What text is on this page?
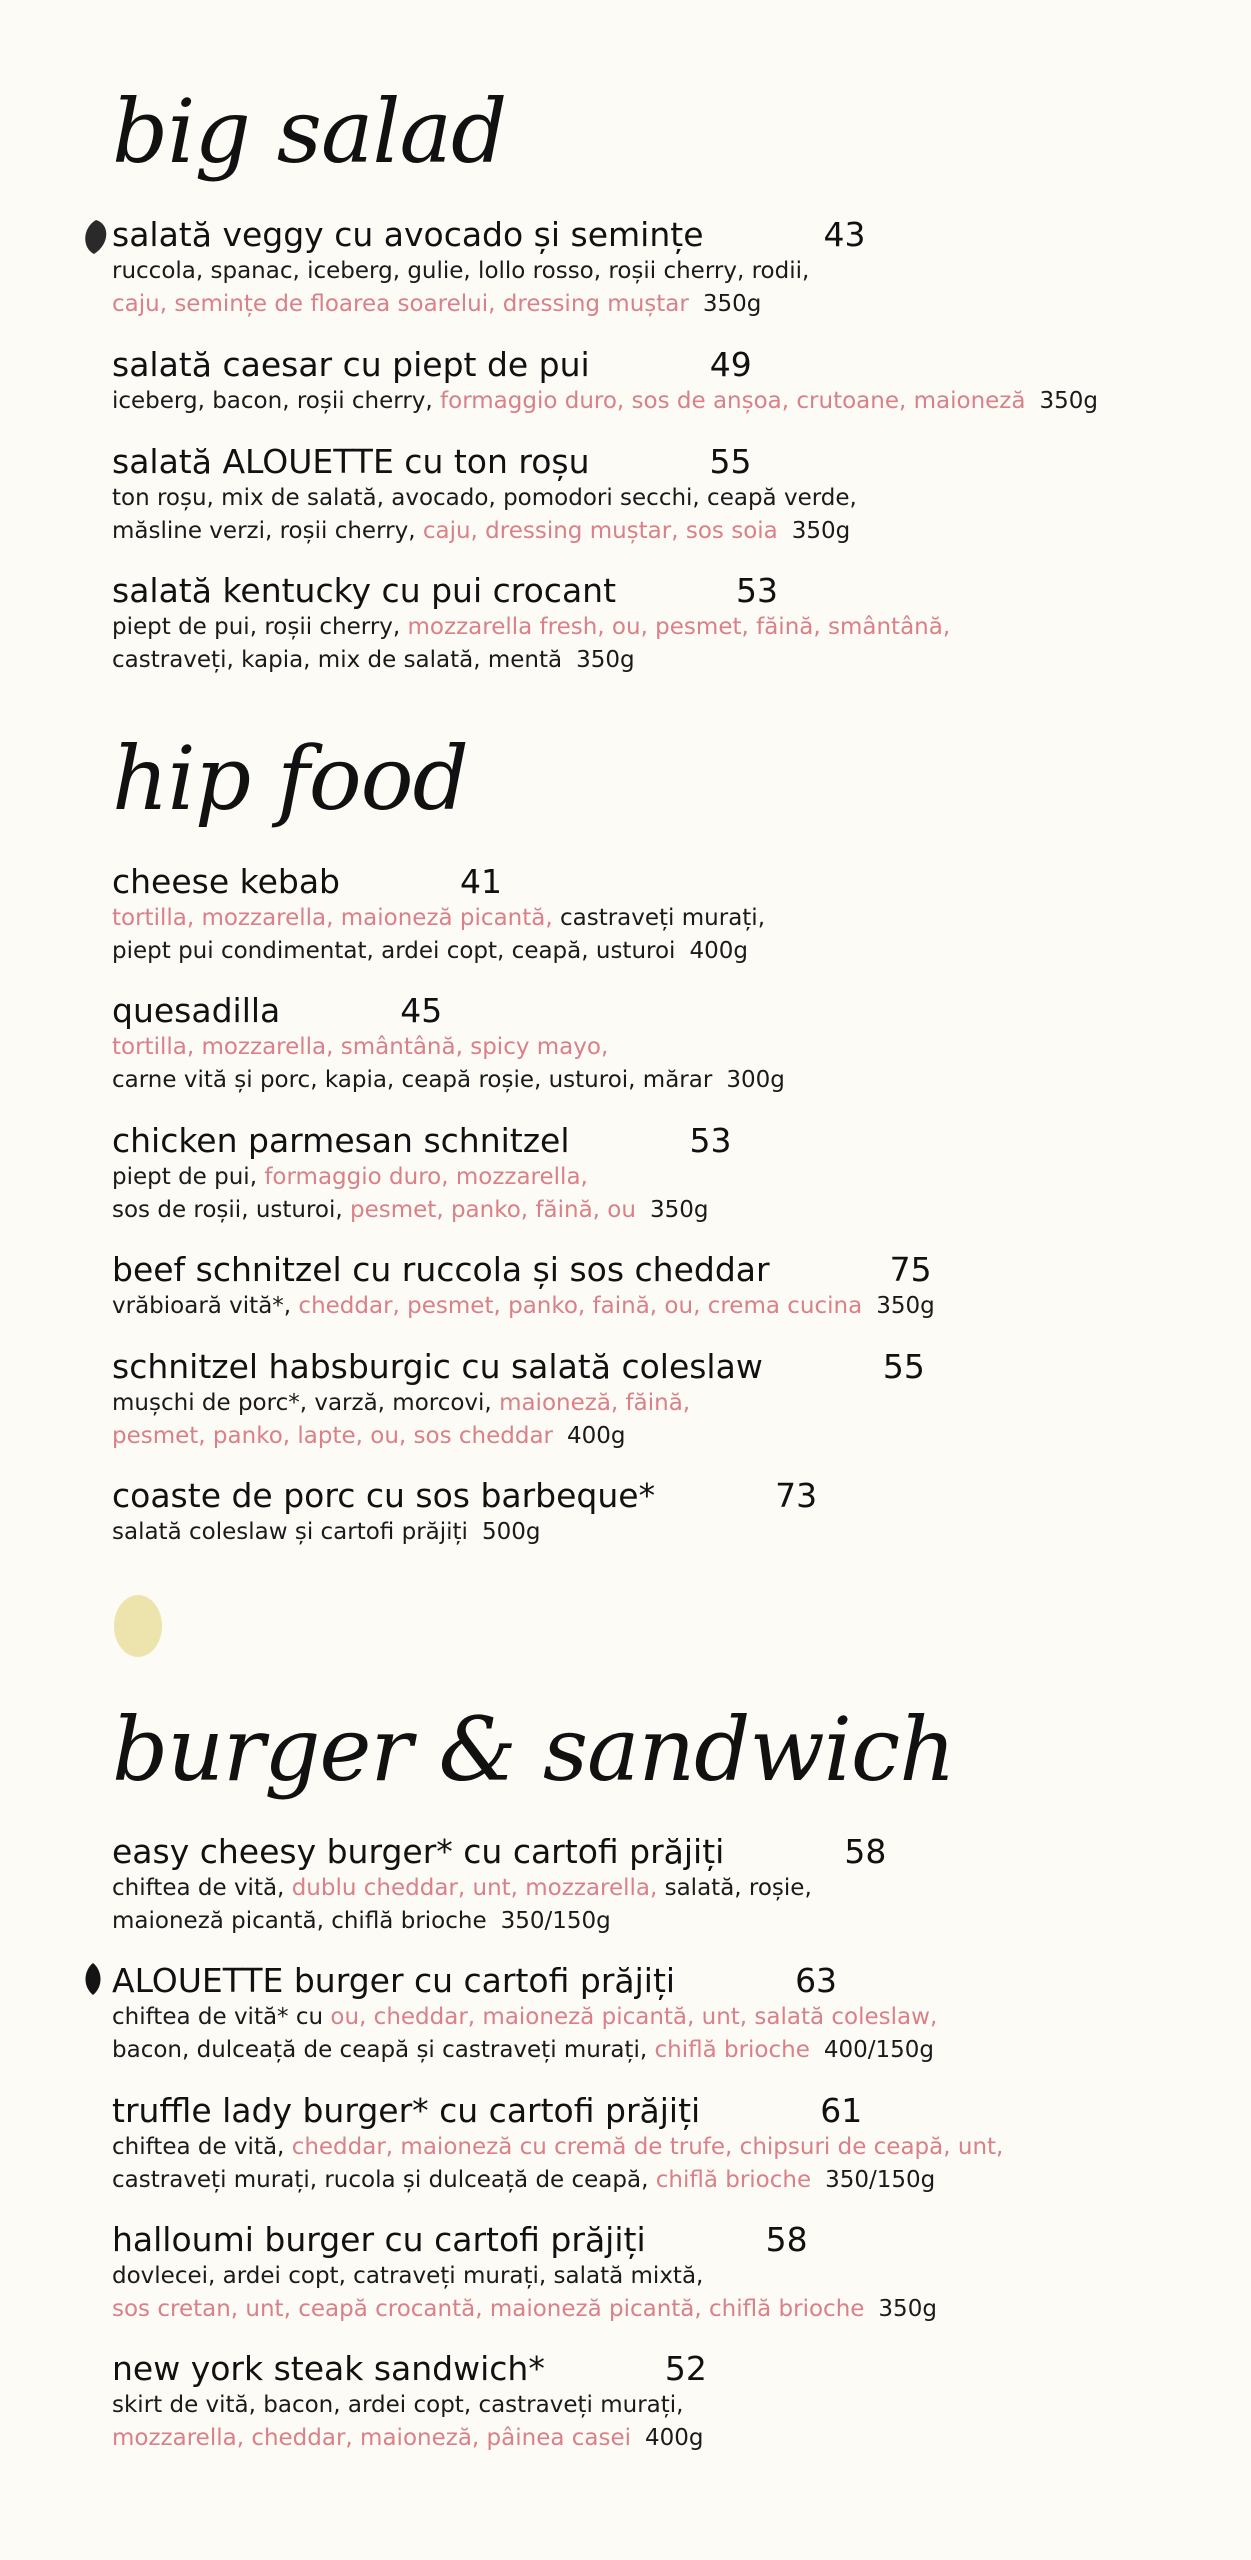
big salad
salată veggy cu avocado și semințe	43
ruccola, spanac, iceberg, gulie, lollo rosso, roșii cherry, rodii,
caju, semințe de floarea soarelui, dressing muștar 350g
salată caesar cu piept de pui	49
iceberg, bacon, roșii cherry, formaggio duro, sos de anșoa, crutoane, maioneză 350g
salată ALOUETTE cu ton roșu	55
ton roșu, mix de salată, avocado, pomodori secchi, ceapă verde,
măsline verzi, roșii cherry, caju, dressing muștar, sos soia 350g
salată kentucky cu pui crocant	53
piept de pui, roșii cherry, mozzarella fresh, ou, pesmet, făină, smântână,
castraveți, kapia, mix de salată, mentă 350g
hip food
cheese kebab	41
tortilla, mozzarella, maioneză picantă, castraveți murați,
piept pui condimentat, ardei copt, ceapă, usturoi 400g
quesadilla	45
tortilla, mozzarella, smântână, spicy mayo,
carne vită și porc, kapia, ceapă roșie, usturoi, mărar 300g
chicken parmesan schnitzel	53
piept de pui, formaggio duro, mozzarella,
sos de roșii, usturoi, pesmet, panko, făină, ou 350g
beef schnitzel cu ruccola și sos cheddar	75
vrăbioară vită*, cheddar, pesmet, panko, faină, ou, crema cucina 350g
schnitzel habsburgic cu salată coleslaw	55
mușchi de porc*, varză, morcovi, maioneză, făină,
pesmet, panko, lapte, ou, sos cheddar 400g
coaste de porc cu sos barbeque*	73
salată coleslaw și cartofi prăjiți 500g
burger & sandwich
easy cheesy burger* cu cartofi prăjiți	58
chiftea de vită, dublu cheddar, unt, mozzarella, salată, roșie,
maioneză picantă, chiflă brioche 350/150g
ALOUETTE burger cu cartofi prăjiți	63
chiftea de vită* cu ou, cheddar, maioneză picantă, unt, salată coleslaw,
bacon, dulceață de ceapă și castraveți murați, chiflă brioche 400/150g
truffle lady burger* cu cartofi prăjiți	61
chiftea de vită, cheddar, maioneză cu cremă de trufe, chipsuri de ceapă, unt,
castraveți murați, rucola și dulceață de ceapă, chiflă brioche 350/150g
halloumi burger cu cartofi prăjiți	58
dovlecei, ardei copt, catraveți murați, salată mixtă,
sos cretan, unt, ceapă crocantă, maioneză picantă, chiflă brioche 350g
new york steak sandwich*	52
skirt de vită, bacon, ardei copt, castraveți murați,
mozzarella, cheddar, maioneză, pâinea casei 400g
